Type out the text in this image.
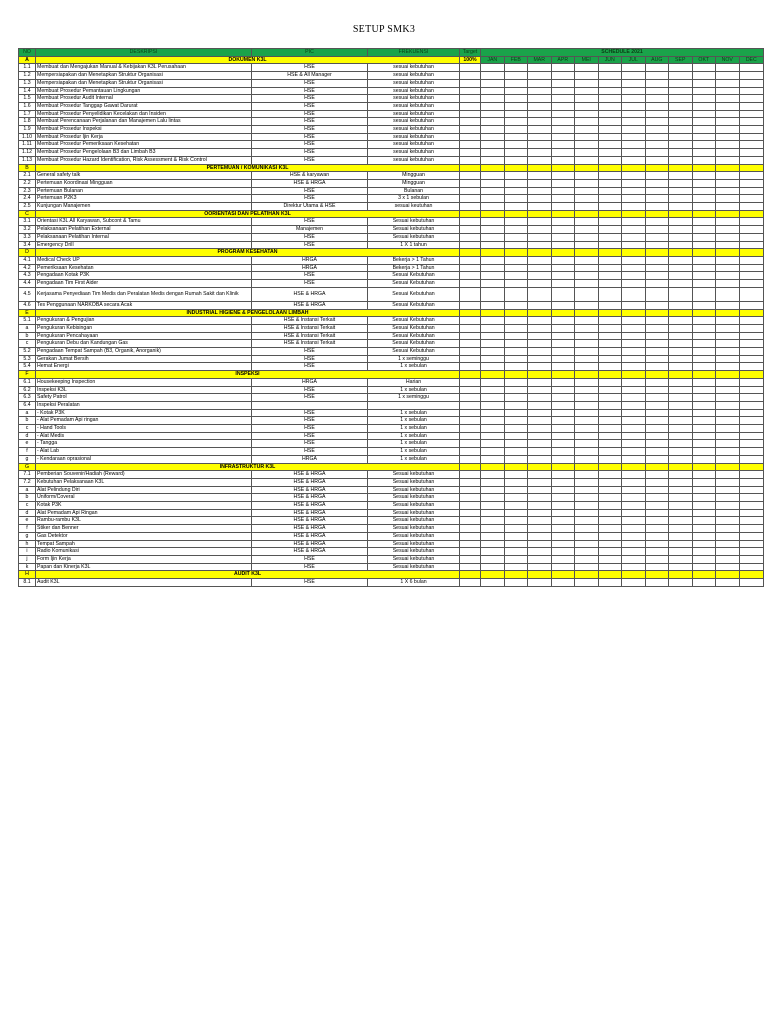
SETUP SMK3
NO	DESKRIPSI	PIC	FREKUENSI	Target	SCHEDULE 2021											
A	DOKUMEN K3L			100%	JAN	FEB	MAR	APR	MEI	JUN	JUL	AUG	SEP	OKT	NOV	DEC
1.1	Membuat dan Mengajukan Manual & Kebijakan K3L Perusahaan	HSE	sesuai kebutuhan													
1.2	Mempersiapakan dan Menetapkan Struktur Organisasi	HSE & All Manager	sesuai kebutuhan													
1.3	Mempersiapakan dan Menetapkan Struktur Organisasi	HSE	sesuai kebutuhan													
1.4	Membuat Prosedur Pemantauan Lingkungan	HSE	sesuai kebutuhan													
1.5	Membuat Prosedur Audit Internal	HSE	sesuai kebutuhan													
1.6	Membuat Prosedur Tanggap Gawat Darurat	HSE	sesuai kebutuhan													
1.7	Membuat Prosedur Penyelidikan Kecelakan dan Insiden	HSE	sesuai kebutuhan													
1.8	Membuat Perencanaan Perjalanan dan Manajemen Lalu lintas	HSE	sesuai kebutuhan													
1.9	Membuat Prosedur Inspeksi	HSE	sesuai kebutuhan													
1.10	Membuat Prosedur Ijin Kerja	HSE	sesuai kebutuhan													
1.11	Membuat Prosedur Pemeriksaan Kesehatan	HSE	sesuai kebutuhan													
1.12	Membuat Prosedur Pengelolaan B3 dan Limbah B3	HSE	sesuai kebutuhan													
1.13	Membuat Prosedur Hazard Identification, Risk Assessment & Risk Control	HSE	sesuai kebutuhan													
B	PERTEMUAN / KOMUNIKASI K3L															
2.1	General safety talk	HSE & karyawan	Mingguan													
2.2	Pertemuan Koordinasi Mingguan	HSE & HRGA	Mingguan													
2.3	Pertemuan Bulanan	HSE	Bulanan													
2.4	Pertemuan P2K3	HSE	3 x 1 sebulan													
2.5	Kunjungan Manajemen	Direktur Utama & HSE	sesuai keutuhan													
C	OORIENTASI DAN PELATIHAN K3L															
3.1	Orientasi K3L All Karyawan, Subcont & Tamu	HSE	Sesuai kebutuhan													
3.2	Pelaksanaan Pelatihan External	Manajemen	Sesuai kebutuhan													
3.3	Pelaksanaan Pelatihan Internal	HSE	Sesuai kebutuhan													
3.4	Emergency Drill	HSE	1 X 1 tahun													
D	PROGRAM KESEHATAN															
4.1	Medical Check UP	HRGA	Bekerja > 1 Tahun													
4.2	Pemeriksaan Kesehatan	HRGA	Bekerja > 1 Tahun													
4.3	Pengadaan Kotak P3K	HSE	Sesuai Kebutuhan													
4.4	Pengadaan Tim First Aider	HSE	Sesuai Kebutuhan													
4.5	Kerjasama Penyediaan Tim Medis dan Peralatan Medis dengan Rumah Sakit dan Klinik	HSE & HRGA	Sesuai Kebutuhan													
4.6	Tes Penggunaan NARKOBA secara Acak	HSE & HRGA	Sesuai Kebutuhan													
E	INDUSTRIAL HIGIENE & PENGELOLAAN LIMBAH															
5.1	Pengukuran & Pengujian	HSE & Instansi Terkait	Sesuai Kebutuhan													
a	Pengukuran Kebisingan	HSE & Instansi Terkait	Sesuai Kebutuhan													
b	Pengukuran Pencahayaan	HSE & Instansi Terkait	Sesuai Kebutuhan													
c	Pengukuran Debu dan Kandungan Gas	HSE & Instansi Terkait	Sesuai Kebutuhan													
5.2	Pengadaan Tempat Sampah (B3, Organik, Anorganik)	HSE	Sesuai Kebutuhan													
5.3	Gerakan Jumat Bersih	HSE	1 x seminggu													
5.4	Hemat Energi	HSE	1 x sebulan													
F	INSPEKSI															
6.1	Housekeeping Inspection	HRGA	Harian													
6.2	Inspeksi K3L	HSE	1 x sebulan													
6.3	Safety Patrol	HSE	1 x seminggu													
6.4	Inspeksi Peralatan															
a	- Kotak P3K	HSE	1 x sebulan													
b	- Alat Pemadam Api ringan	HSE	1 x sebulan													
c	- Hand Tools	HSE	1 x sebulan													
d	- Alat Medis	HSE	1 x sebulan													
e	- Tangga	HSE	1 x sebulan													
f	- Alat Lab	HSE	1 x sebulan													
g	- Kendaraan oprasional	HRGA	1 x sebulan													
G	INFRASTRUKTUR K3L															
7.1	Pemberian Souvenir/Hadiah (Reward)	HSE & HRGA	Sesuai kebutuhan													
7.2	Kebutuhan Pelaksanaan K3L	HSE & HRGA	Sesuai kebutuhan													
a	Alat Pelindung Diri	HSE & HRGA	Sesuai kebutuhan													
b	Uniform/Coveral	HSE & HRGA	Sesuai kebutuhan													
c	Kotak P3K	HSE & HRGA	Sesuai kebutuhan													
d	Alat Pemadam Api Ringan	HSE & HRGA	Sesuai kebutuhan													
e	Rambu-rambu K3L	HSE & HRGA	Sesuai kebutuhan													
f	Stiker dan Benner	HSE & HRGA	Sesuai kebutuhan													
g	Gas Detektor	HSE & HRGA	Sesuai kebutuhan													
h	Tempat Sampah	HSE & HRGA	Sesuai kebutuhan													
i	Radio Komunikasi	HSE & HRGA	Sesuai kebutuhan													
j	Form Ijin Kerja	HSE	Sesuai kebutuhan													
k	Papan dan Kinerja K3L	HSE	Sesuai kebutuhan													
H	AUDIT K3L															
8.1	Audit K3L	HSE	1 X 6 bulan													
